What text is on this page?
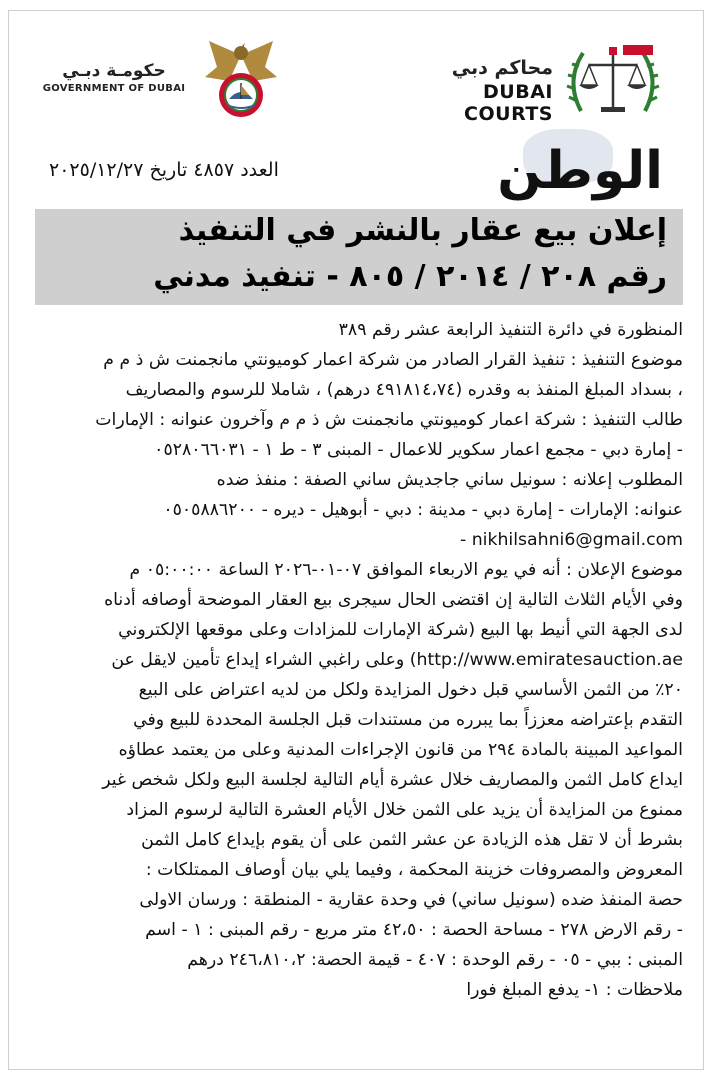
محاكم دبي
DUBAI COURTS
حكومـة دبـي
GOVERNMENT OF DUBAI
الوطن
العدد ٤٨٥٧ تاريخ ٢٠٢٥/١٢/٢٧
إعلان بيع عقار بالنشر في التنفيذ
رقم ٢٠٨ / ٢٠١٤ / ٨٠٥ - تنفيذ مدني
المنظورة في دائرة التنفيذ الرابعة عشر رقم ٣٨٩
موضوع التنفيذ : تنفيذ القرار الصادر من شركة اعمار كوميونتي مانجمنت ش ذ م م
، بسداد المبلغ المنفذ به وقدره (٤٩١٨١٤،٧٤ درهم) ، شاملا للرسوم والمصاريف
طالب التنفيذ : شركة اعمار كوميونتي مانجمنت ش ذ م م وآخرون عنوانه : الإمارات
- إمارة دبي - مجمع اعمار سكوير للاعمال - المبنى ٣ - ط ١ - ٠٥٢٨٠٦٦٠٣١
المطلوب إعلانه : سونيل ساني جاجديش ساني الصفة : منفذ ضده
عنوانه: الإمارات - إمارة دبي - مدينة : دبي - أبوهيل - ديره - ٠٥٠٥٨٨٦٢٠٠
nikhilsahni6@gmail.com -
موضوع الإعلان : أنه في يوم الاربعاء الموافق ٠٧-٠١-٢٠٢٦ الساعة ٠٥:٠٠:٠٠ م
وفي الأيام الثلاث التالية إن اقتضى الحال سيجرى بيع العقار الموضحة أوصافه أدناه
لدى الجهة التي أنيط بها البيع (شركة الإمارات للمزادات وعلى موقعها الإلكتروني
http://www.emiratesauction.ae) وعلى راغبي الشراء إيداع تأمين لايقل عن
٢٠٪ من الثمن الأساسي قبل دخول المزايدة ولكل من لديه اعتراض على البيع
التقدم بإعتراضه معززاً بما يبرره من مستندات قبل الجلسة المحددة للبيع وفي
المواعيد المبينة بالمادة ٢٩٤ من قانون الإجراءات المدنية وعلى من يعتمد عطاؤه
ايداع كامل الثمن والمصاريف خلال عشرة أيام التالية لجلسة البيع ولكل شخص غير
ممنوع من المزايدة أن يزيد على الثمن خلال الأيام العشرة التالية لرسوم المزاد
بشرط أن لا تقل هذه الزيادة عن عشر الثمن على أن يقوم بإيداع كامل الثمن
المعروض والمصروفات خزينة المحكمة ، وفيما يلي بيان أوصاف الممتلكات :
حصة المنفذ ضده (سونيل ساني) في وحدة عقارية - المنطقة : ورسان الاولى
- رقم الارض ٢٧٨ - مساحة الحصة : ٤٢،٥٠ متر مربع - رقم المبنى : ١ - اسم
المبنى : ببي - ٠٥ - رقم الوحدة : ٤٠٧ - قيمة الحصة: ٢٤٦،٨١٠،٢ درهم
ملاحظات : ١- يدفع المبلغ فورا
